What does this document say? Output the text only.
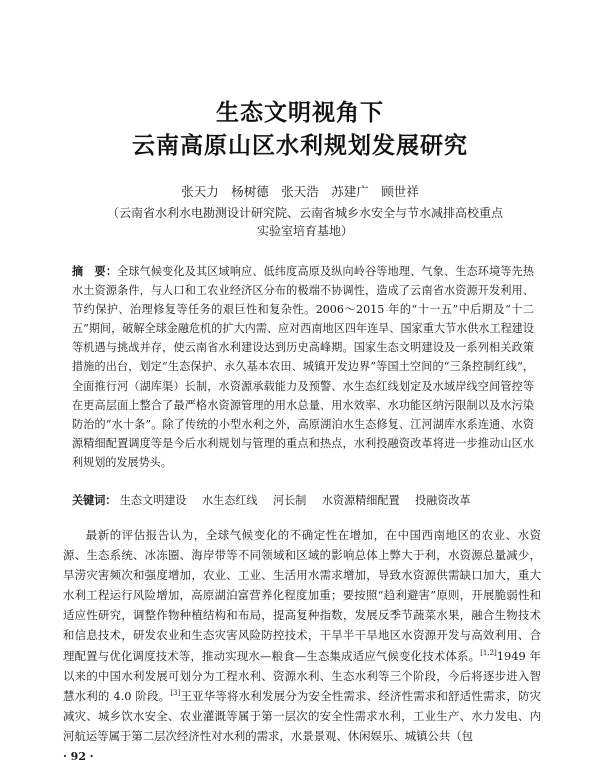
生态文明视角下
云南高原山区水利规划发展研究
张天力　杨树德　张天浩　苏建广　顾世祥
（云南省水利水电勘测设计研究院、云南省城乡水安全与节水减排高校重点
实验室培育基地）
摘　要：全球气候变化及其区域响应、低纬度高原及纵向岭谷等地理、气象、生态环境等先热水土资源条件，与人口和工农业经济区分布的极端不协调性，造成了云南省水资源开发利用、节约保护、治理修复等任务的艰巨性和复杂性。2006～2015 年的“十一五”中后期及“十二五”期间，破解全球金融危机的扩大内需、应对西南地区四年连旱、国家重大节水供水工程建设等机遇与挑战并存，使云南省水利建设达到历史高峰期。国家生态文明建设及一系列相关政策措施的出台，划定“生态保护、永久基本农田、城镇开发边界”等国土空间的“三条控制红线”，全面推行河（湖库渠）长制，水资源承载能力及预警、水生态红线划定及水域岸线空间管控等在更高层面上整合了最严格水资源管理的用水总量、用水效率、水功能区纳污限制以及水污染防治的“水十条”。除了传统的小型水利之外，高原湖泊水生态修复、江河湖库水系连通、水资源精细配置调度等是今后水利规划与管理的重点和热点，水利投融资改革将进一步推动山区水利规划的发展势头。
关键词： 生态文明建设 水生态红线 河长制 水资源精细配置 投融资改革

最新的评估报告认为，全球气候变化的不确定性在增加，在中国西南地区的农业、水资源、生态系统、冰冻圈、海岸带等不同领域和区域的影响总体上弊大于利，水资源总量减少，旱涝灾害频次和强度增加，农业、工业、生活用水需求增加，导致水资源供需缺口加大，重大水利工程运行风险增加，高原湖泊富营养化程度加重；要按照“趋利避害”原则，开展脆弱性和适应性研究，调整作物种植结构和布局，提高复种指数，发展反季节蔬菜水果，融合生物技术和信息技术，研发农业和生态灾害风险防控技术，干旱半干旱地区水资源开发与高效利用、合理配置与优化调度技术等，推动实现水—粮食—生态集成适应气候变化技术体系。[1,2]1949 年以来的中国水利发展可划分为工程水利、资源水利、生态水利等三个阶段，今后将逐步进入智慧水利的 4.0 阶段。[3]王亚华等将水利发展分为安全性需求、经济性需求和舒适性需求，防灾减灾、城乡饮水安全、农业灌溉等属于第一层次的安全性需求水利，工业生产、水力发电、内河航运等属于第二层次经济性对水利的需求，水景景观、休闲娱乐、城镇公共（包

· 92 ·
